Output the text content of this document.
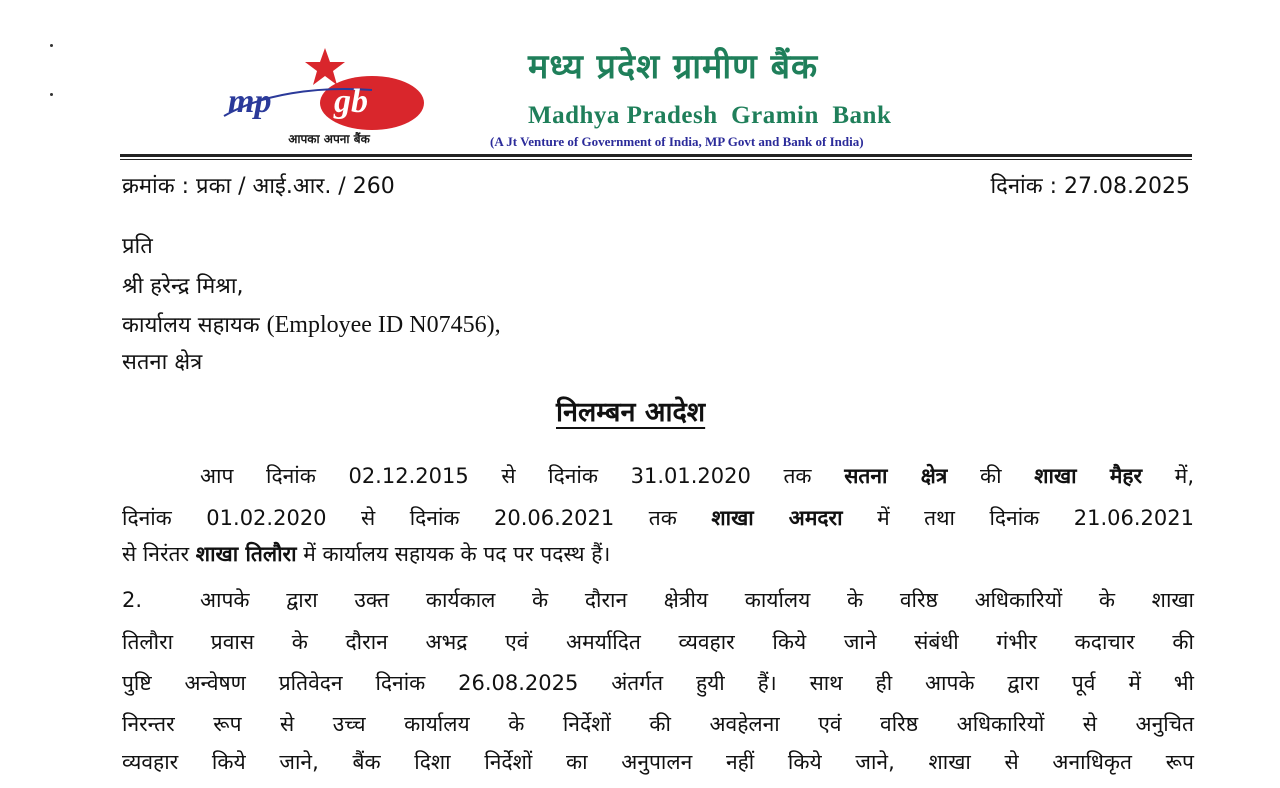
mp gb
आपका अपना बैंक
मध्य प्रदेश ग्रामीण बैंक
Madhya Pradesh  Gramin  Bank
(A Jt Venture of Government of India, MP Govt and Bank of India)
क्रमांक : प्रका / आई.आर. / 260	दिनांक : 27.08.2025
प्रति
श्री हरेन्द्र मिश्रा,
कार्यालय सहायक (Employee ID N07456),
सतना क्षेत्र
निलम्बन आदेश
आप दिनांक 02.12.2015 से दिनांक 31.01.2020 तक सतना क्षेत्र की शाखा मैहर में,
दिनांक 01.02.2020 से दिनांक 20.06.2021 तक शाखा अमदरा में तथा दिनांक 21.06.2021
से निरंतर शाखा तिलौरा में कार्यालय सहायक के पद पर पदस्थ हैं।
2.	आपके द्वारा उक्त कार्यकाल के दौरान क्षेत्रीय कार्यालय के वरिष्ठ अधिकारियों के शाखा
तिलौरा प्रवास के दौरान अभद्र एवं अमर्यादित व्यवहार किये जाने संबंधी गंभीर कदाचार की
पुष्टि अन्वेषण प्रतिवेदन दिनांक 26.08.2025 अंतर्गत हुयी हैं। साथ ही आपके द्वारा पूर्व में भी
निरन्तर रूप से उच्च कार्यालय के निर्देशों की अवहेलना एवं वरिष्ठ अधिकारियों से अनुचित
व्यवहार किये जाने, बैंक दिशा निर्देशों का अनुपालन नहीं किये जाने, शाखा से अनाधिकृत रूप
